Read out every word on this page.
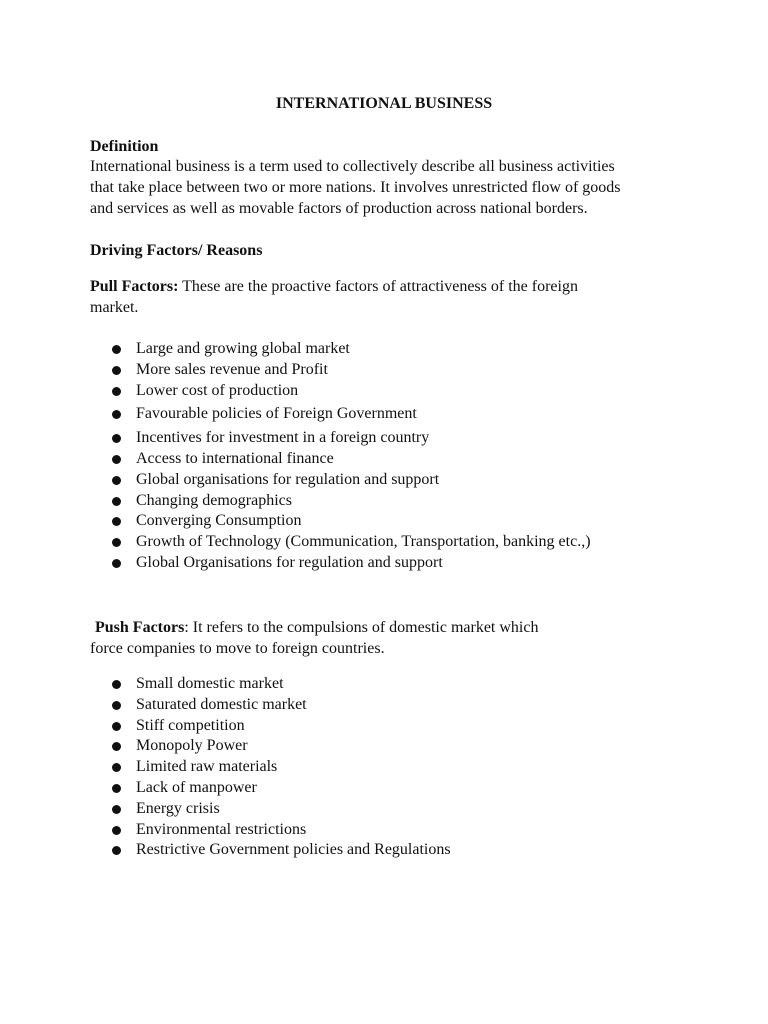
INTERNATIONAL BUSINESS
Definition
International business is a term used to collectively describe all business activities
that take place between two or more nations. It involves unrestricted flow of goods
and services as well as movable factors of production across national borders.
Driving Factors/ Reasons
Pull Factors: These are the proactive factors of attractiveness of the foreign
market.
Large and growing global market
More sales revenue and Profit
Lower cost of production
Favourable policies of Foreign Government
Incentives for investment in a foreign country
Access to international finance
Global organisations for regulation and support
Changing demographics
Converging Consumption
Growth of Technology (Communication, Transportation, banking etc.,)
Global Organisations for regulation and support
Push Factors: It refers to the compulsions of domestic market which
force companies to move to foreign countries.
Small domestic market
Saturated domestic market
Stiff competition
Monopoly Power
Limited raw materials
Lack of manpower
Energy crisis
Environmental restrictions
Restrictive Government policies and Regulations
